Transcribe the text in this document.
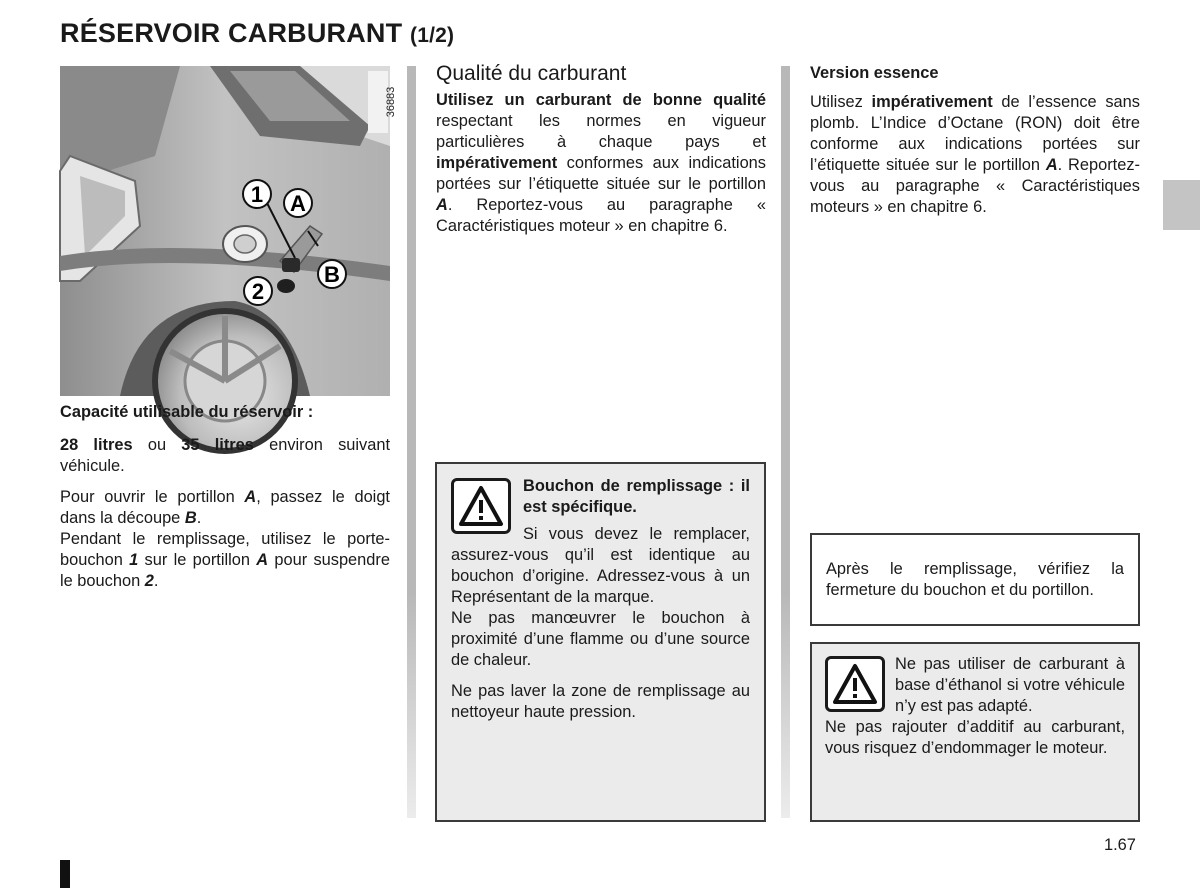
RÉSERVOIR CARBURANT (1/2)
1 A
2
B
36883

Capacité utilisable du réservoir :

28 litres ou 35 litres environ suivant véhicule.

Pour ouvrir le portillon A, passez le doigt dans la découpe B.

Pendant le remplissage, utilisez le porte-bouchon 1 sur le portillon A pour suspendre le bouchon 2.

Qualité du carburant

Utilisez un carburant de bonne qualité respectant les normes en vigueur particulières à chaque pays et impérativement conformes aux indications portées sur l’étiquette située sur le portillon A. Reportez-vous au paragraphe « Caractéristiques moteur » en chapitre 6.

Version essence

Utilisez impérativement de l’essence sans plomb. L’Indice d’Octane (RON) doit être conforme aux indications portées sur l’étiquette située sur le portillon A. Reportez-vous au paragraphe « Caractéristiques moteurs » en chapitre 6.

Bouchon de remplissage : il est spécifique.

Si vous devez le remplacer, assurez-vous qu’il est identique au bouchon d’origine. Adressez-vous à un Représentant de la marque.

Ne pas manœuvrer le bouchon à proximité d’une flamme ou d’une source de chaleur.

Ne pas laver la zone de remplissage au nettoyeur haute pression.

Après le remplissage, vérifiez la fermeture du bouchon et du portillon.

Ne pas utiliser de carburant à base d’éthanol si votre véhicule n’y est pas adapté.

Ne pas rajouter d’additif au carburant, vous risquez d’endommager le moteur.

1.67
